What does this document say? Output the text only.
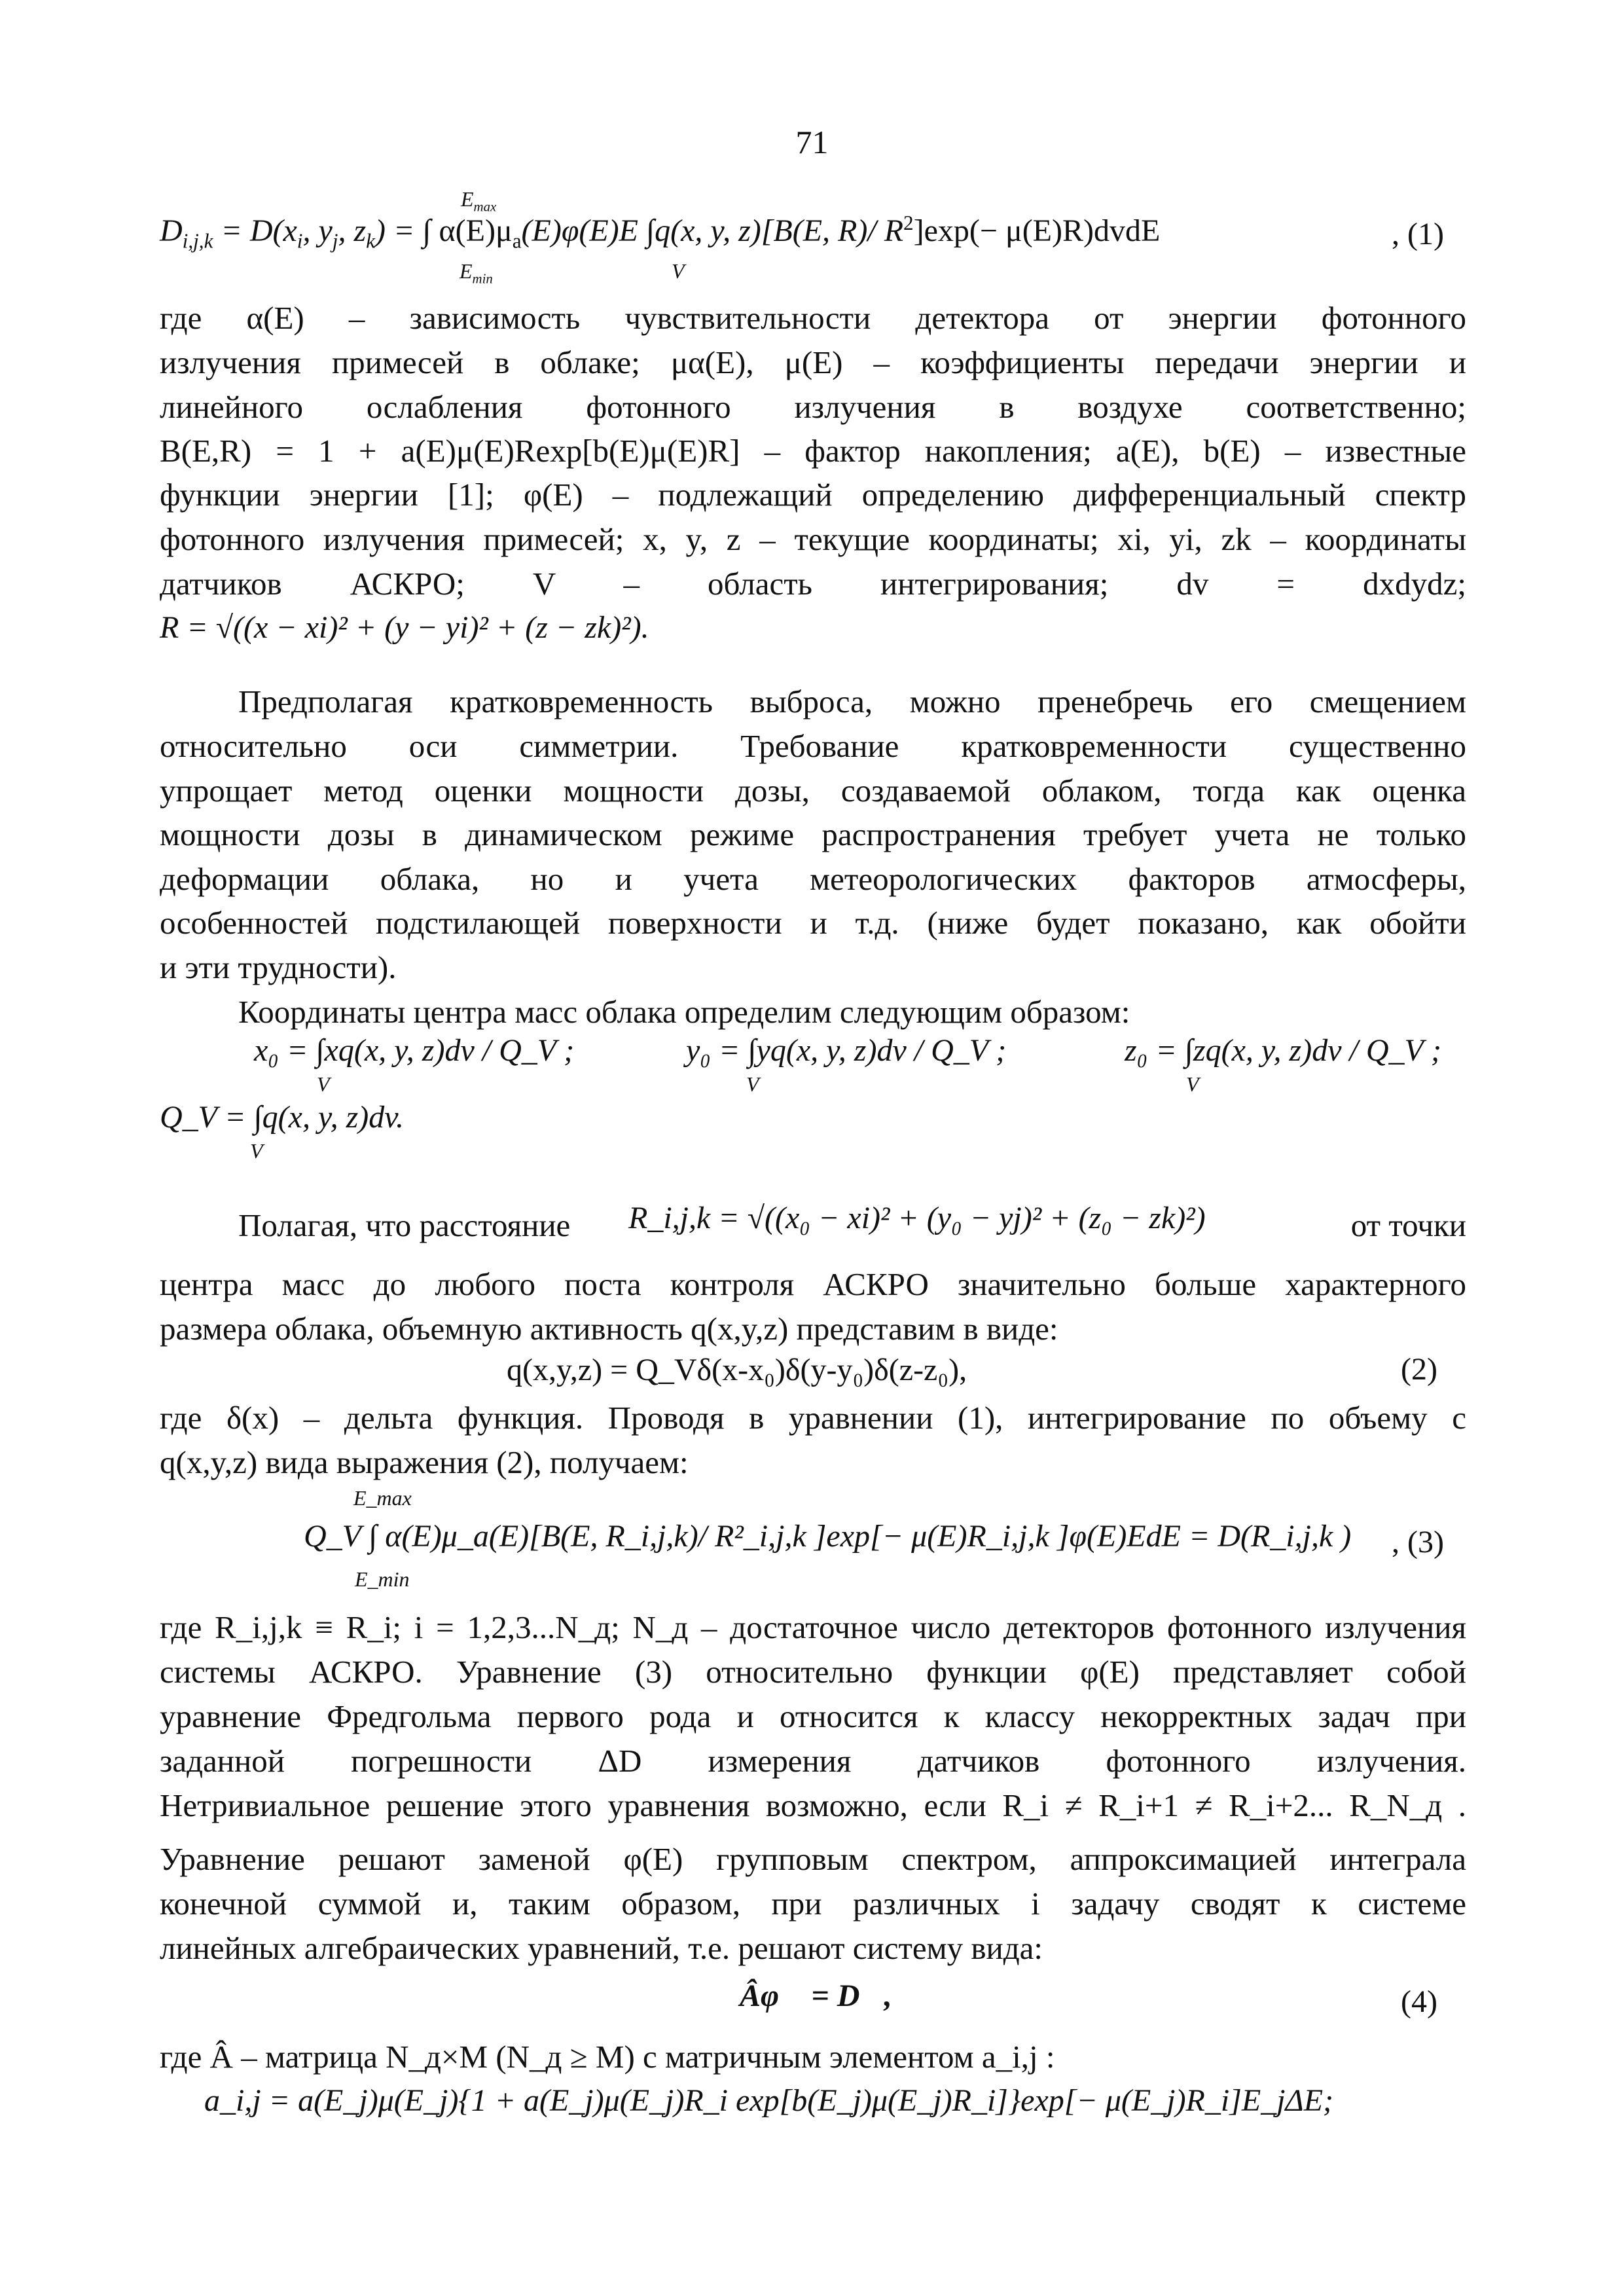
71
$E_{max}$
$D_{i,j,k} = D(x_i$, $y_j$, $z_k$) = ∫ $\alpha(E)\mu_a(E)\varphi(E)E$ ∫q(x, y, z)[B(E, R)/ $R^2]\exp(-$ μ(E)R)dvdE	, (1)
$E_{min}$	V
где α(E) – зависимость чувствительности детектора от энергии фотонного
излучения примесей в облаке; μα(E), μ(E) – коэффициенты передачи энергии и
линейного ослабления фотонного излучения в воздухе соответственно;
B(E,R) = 1 + a(E)μ(E)Rexp[b(E)μ(E)R] – фактор накопления; a(E), b(E) – известные
функции энергии [1]; φ(E) – подлежащий определению дифференциальный спектр
фотонного излучения примесей; x, y, z – текущие координаты; xi, yi, zk – координаты
датчиков АСКРО; V – область интегрирования; dv = dxdydz;
R = √((x − xi)² + (y − yi)² + (z − zk)²).
Предполагая кратковременность выброса, можно пренебречь его смещением
относительно оси симметрии. Требование кратковременности существенно
упрощает метод оценки мощности дозы, создаваемой облаком, тогда как оценка
мощности дозы в динамическом режиме распространения требует учета не только
деформации облака, но и учета метеорологических факторов атмосферы,
особенностей подстилающей поверхности и т.д. (ниже будет показано, как обойти
и эти трудности).
Координаты центра масс облака определим следующим образом:
x₀ = ∫xq(x, y, z)dv / Q_V ;	y₀ = ∫yq(x, y, z)dv / Q_V ;	z₀ = ∫zq(x, y, z)dv / Q_V ;
V	V	V
Q_V = ∫q(x, y, z)dv.
V
Полагая, что расстояние R_i,j,k = √((x₀ − xi)² + (y₀ − yj)² + (z₀ − zk)²)	от точки
центра масс до любого поста контроля АСКРО значительно больше характерного
размера облака, объемную активность q(x,y,z) представим в виде:
q(x,y,z) = Q_Vδ(x-x₀)δ(y-y₀)δ(z-z₀),	(2)
где δ(x) – дельта функция. Проводя в уравнении (1), интегрирование по объему с
q(x,y,z) вида выражения (2), получаем:
E_max
Q_V ∫ α(E)μ_a(E)[B(E, R_i,j,k)/ R²_i,j,k ]exp[− μ(E)R_i,j,k ]φ(E)EdE = D(R_i,j,k ) , (3)
E_min
где R_i,j,k ≡ R_i; i = 1,2,3...N_д; N_д – достаточное число детекторов фотонного излучения
системы АСКРО. Уравнение (3) относительно функции φ(E) представляет собой
уравнение Фредгольма первого рода и относится к классу некорректных задач при
заданной погрешности ΔD измерения датчиков фотонного излучения.
Нетривиальное решение этого уравнения возможно, если R_i ≠ R_i+1 ≠ R_i+2... R_N_д .
Уравнение решают заменой φ(E) групповым спектром, аппроксимацией интеграла
конечной суммой и, таким образом, при различных i задачу сводят к системе
линейных алгебраических уравнений, т.е. решают систему вида:
Âφ⃗ = D⃗,	(4)
где Â – матрица N_д×M (N_д ≥ M) с матричным элементом a_i,j :
a_i,j = a(E_j)μ(E_j){1 + a(E_j)μ(E_j)R_i exp[b(E_j)μ(E_j)R_i]}exp[− μ(E_j)R_i]E_jΔE;
